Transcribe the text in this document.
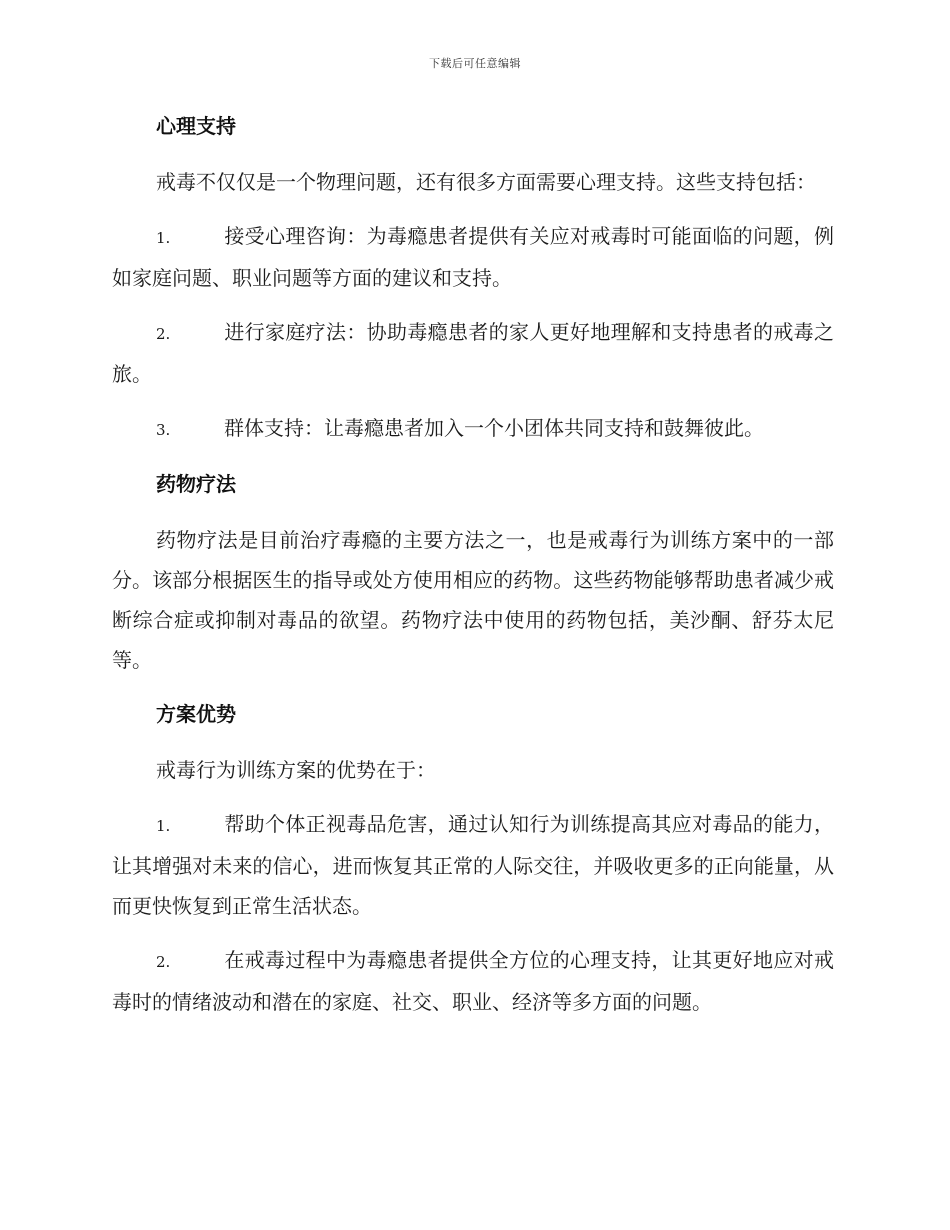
下载后可任意编辑
心理支持

戒毒不仅仅是一个物理问题，还有很多方面需要心理支持。这些支持包括：

1.	接受心理咨询：为毒瘾患者提供有关应对戒毒时可能面临的问题，例如家庭问题、职业问题等方面的建议和支持。

2.	进行家庭疗法：协助毒瘾患者的家人更好地理解和支持患者的戒毒之旅。

3.	群体支持：让毒瘾患者加入一个小团体共同支持和鼓舞彼此。

药物疗法

药物疗法是目前治疗毒瘾的主要方法之一，也是戒毒行为训练方案中的一部分。该部分根据医生的指导或处方使用相应的药物。这些药物能够帮助患者减少戒断综合症或抑制对毒品的欲望。药物疗法中使用的药物包括，美沙酮、舒芬太尼等。

方案优势

戒毒行为训练方案的优势在于：

1.	帮助个体正视毒品危害，通过认知行为训练提高其应对毒品的能力，让其增强对未来的信心，进而恢复其正常的人际交往，并吸收更多的正向能量，从而更快恢复到正常生活状态。

2.	在戒毒过程中为毒瘾患者提供全方位的心理支持，让其更好地应对戒毒时的情绪波动和潜在的家庭、社交、职业、经济等多方面的问题。
